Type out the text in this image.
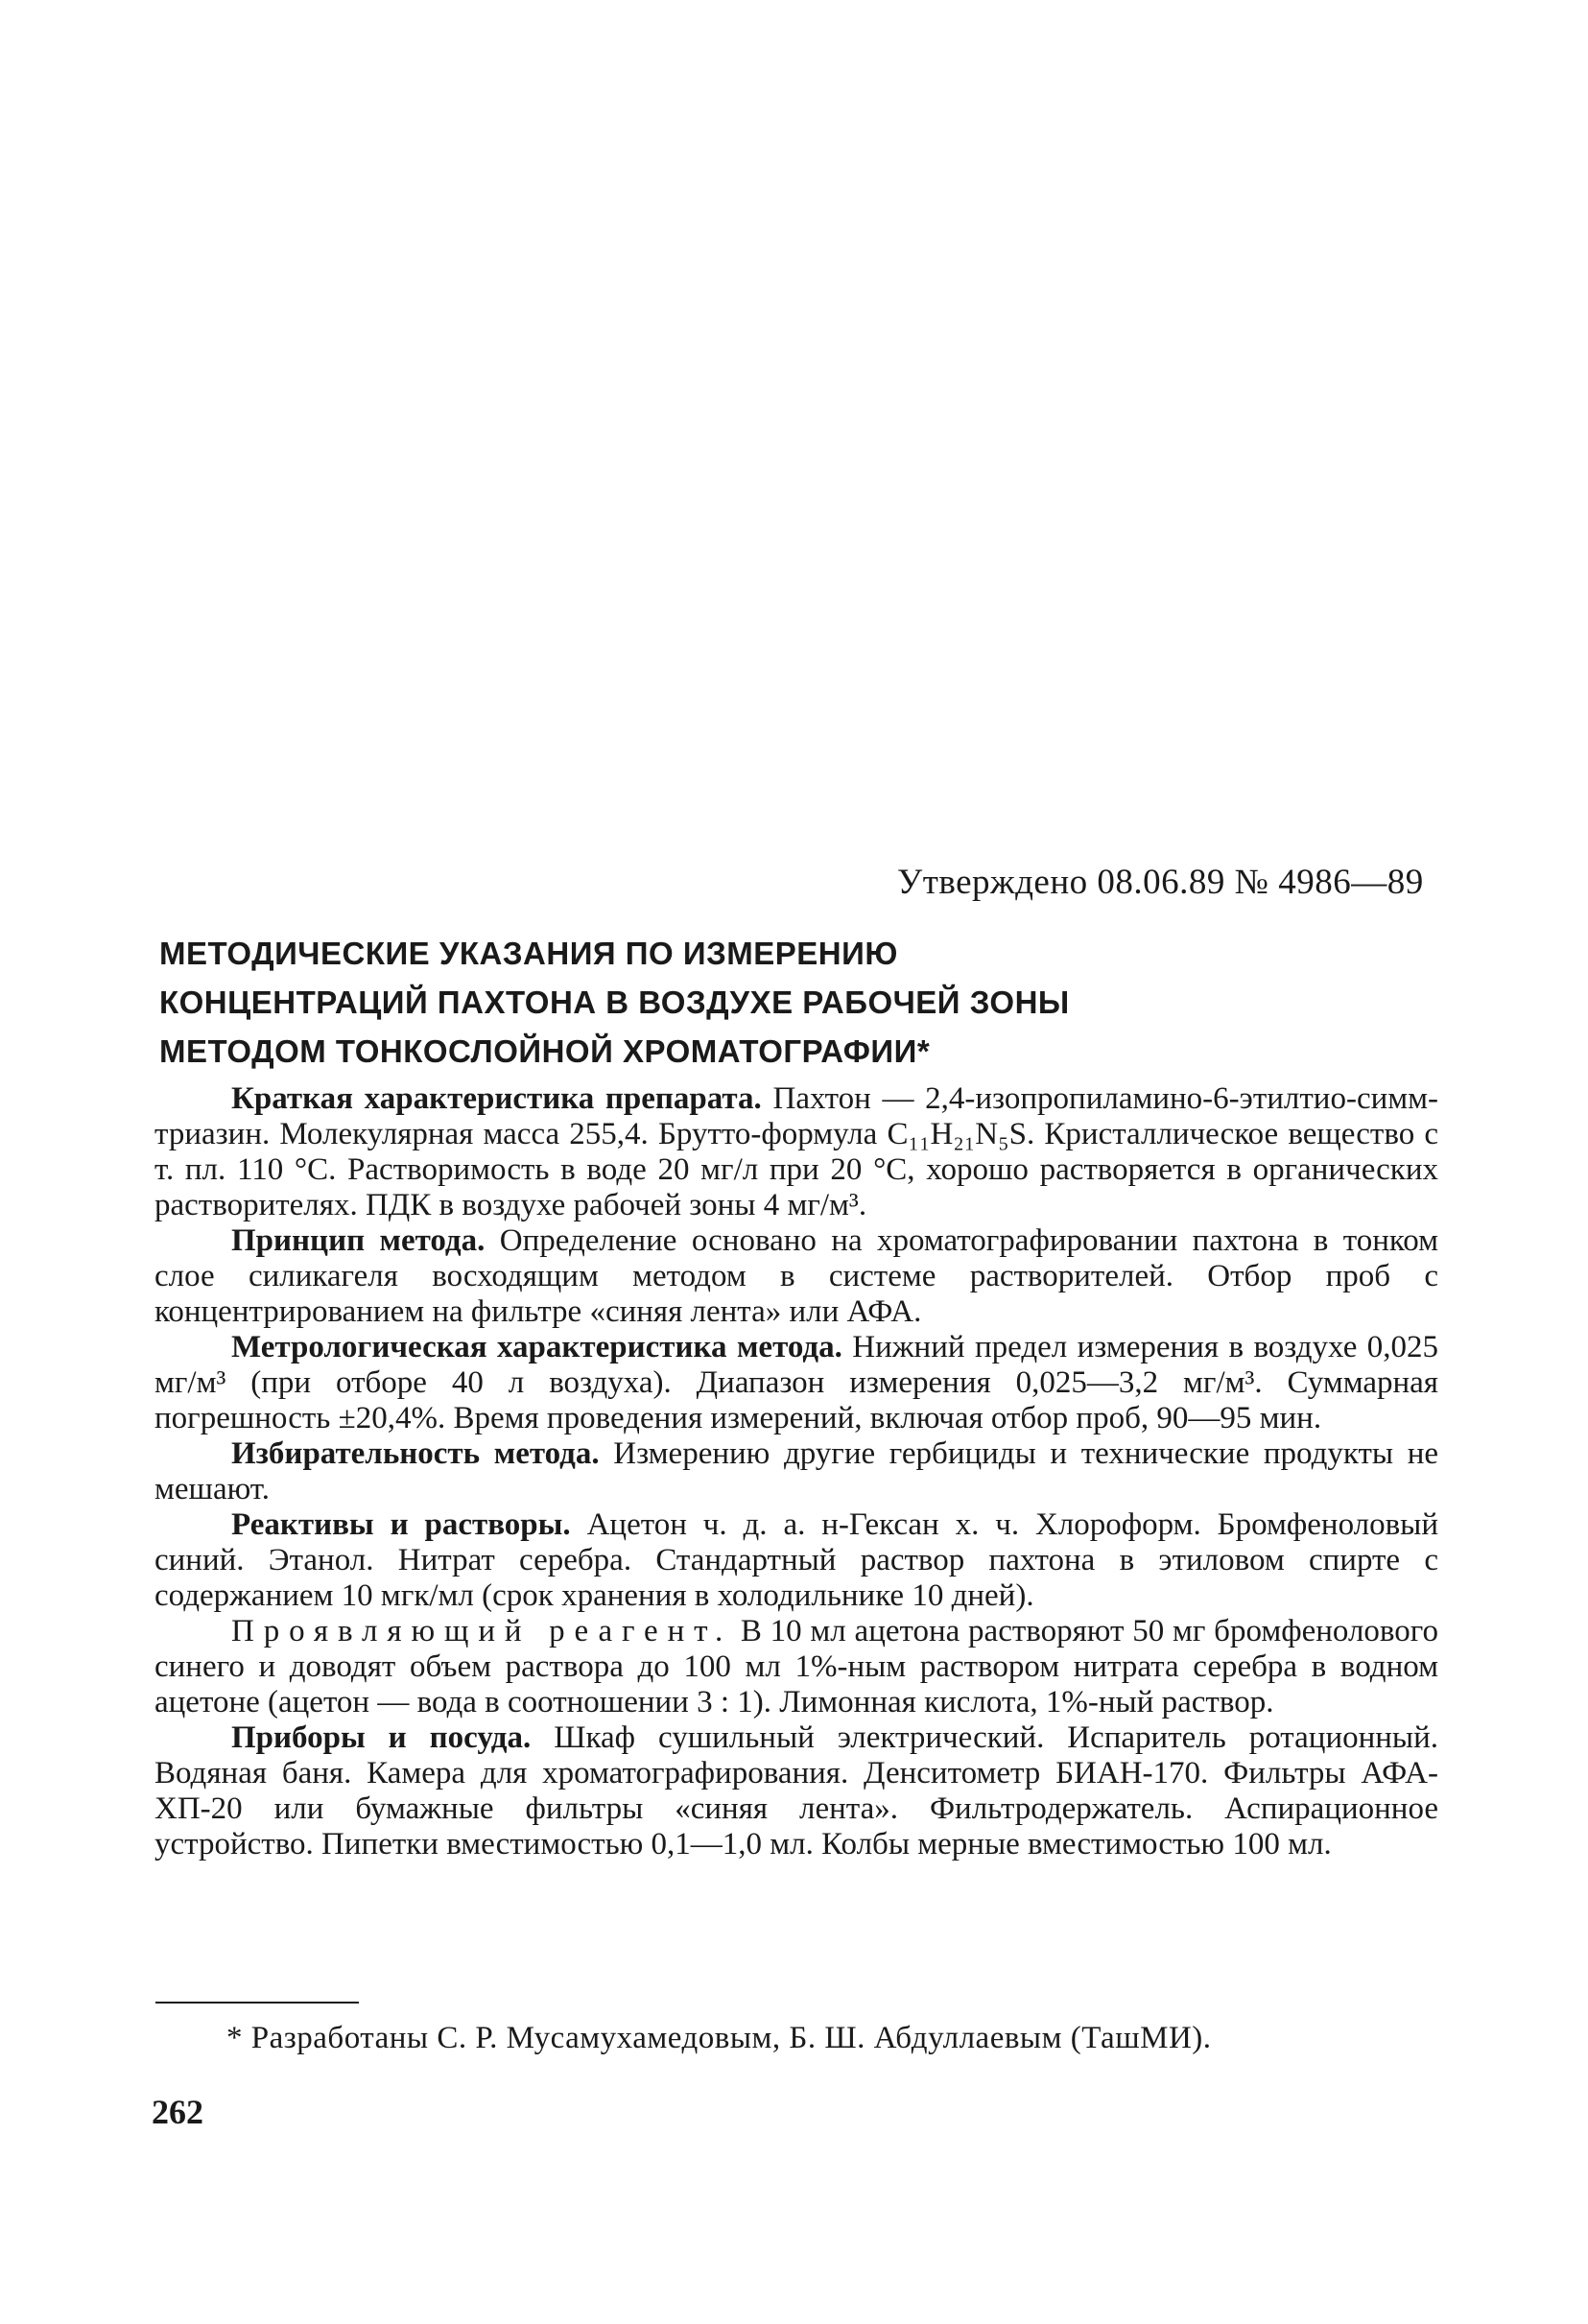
Утверждено 08.06.89 № 4986—89
МЕТОДИЧЕСКИЕ УКАЗАНИЯ ПО ИЗМЕРЕНИЮ
КОНЦЕНТРАЦИЙ ПАХТОНА В ВОЗДУХЕ РАБОЧЕЙ ЗОНЫ
МЕТОДОМ ТОНКОСЛОЙНОЙ ХРОМАТОГРАФИИ*

Краткая характеристика препарата. Пахтон — 2,4-изопропиламино-6-этилтио-симм-триазин. Молекулярная масса 255,4. Брутто-формула C₁₁H₂₁N₅S. Кристаллическое вещество с т. пл. 110 °С. Растворимость в воде 20 мг/л при 20 °С, хорошо растворяется в органических растворителях. ПДК в воздухе рабочей зоны 4 мг/м³.

Принцип метода. Определение основано на хроматографировании пахтона в тонком слое силикагеля восходящим методом в системе растворителей. Отбор проб с концентрированием на фильтре «синяя лента» или АФА.

Метрологическая характеристика метода. Нижний предел измерения в воздухе 0,025 мг/м³ (при отборе 40 л воздуха). Диапазон измерения 0,025—3,2 мг/м³. Суммарная погрешность ±20,4%. Время проведения измерений, включая отбор проб, 90—95 мин.

Избирательность метода. Измерению другие гербициды и технические продукты не мешают.

Реактивы и растворы. Ацетон ч. д. а. н-Гексан х. ч. Хлороформ. Бромфеноловый синий. Этанол. Нитрат серебра. Стандартный раствор пахтона в этиловом спирте с содержанием 10 мгк/мл (срок хранения в холодильнике 10 дней).

Проявляющий реагент. В 10 мл ацетона растворяют 50 мг бромфенолового синего и доводят объем раствора до 100 мл 1%-ным раствором нитрата серебра в водном ацетоне (ацетон — вода в соотношении 3 : 1). Лимонная кислота, 1%-ный раствор.

Приборы и посуда. Шкаф сушильный электрический. Испаритель ротационный. Водяная баня. Камера для хроматографирования. Денситометр БИАН-170. Фильтры АФА-ХП-20 или бумажные фильтры «синяя лента». Фильтродержатель. Аспирационное устройство. Пипетки вместимостью 0,1—1,0 мл. Колбы мерные вместимостью 100 мл.

* Разработаны С. Р. Мусамухамедовым, Б. Ш. Абдуллаевым (ТашМИ).
262
